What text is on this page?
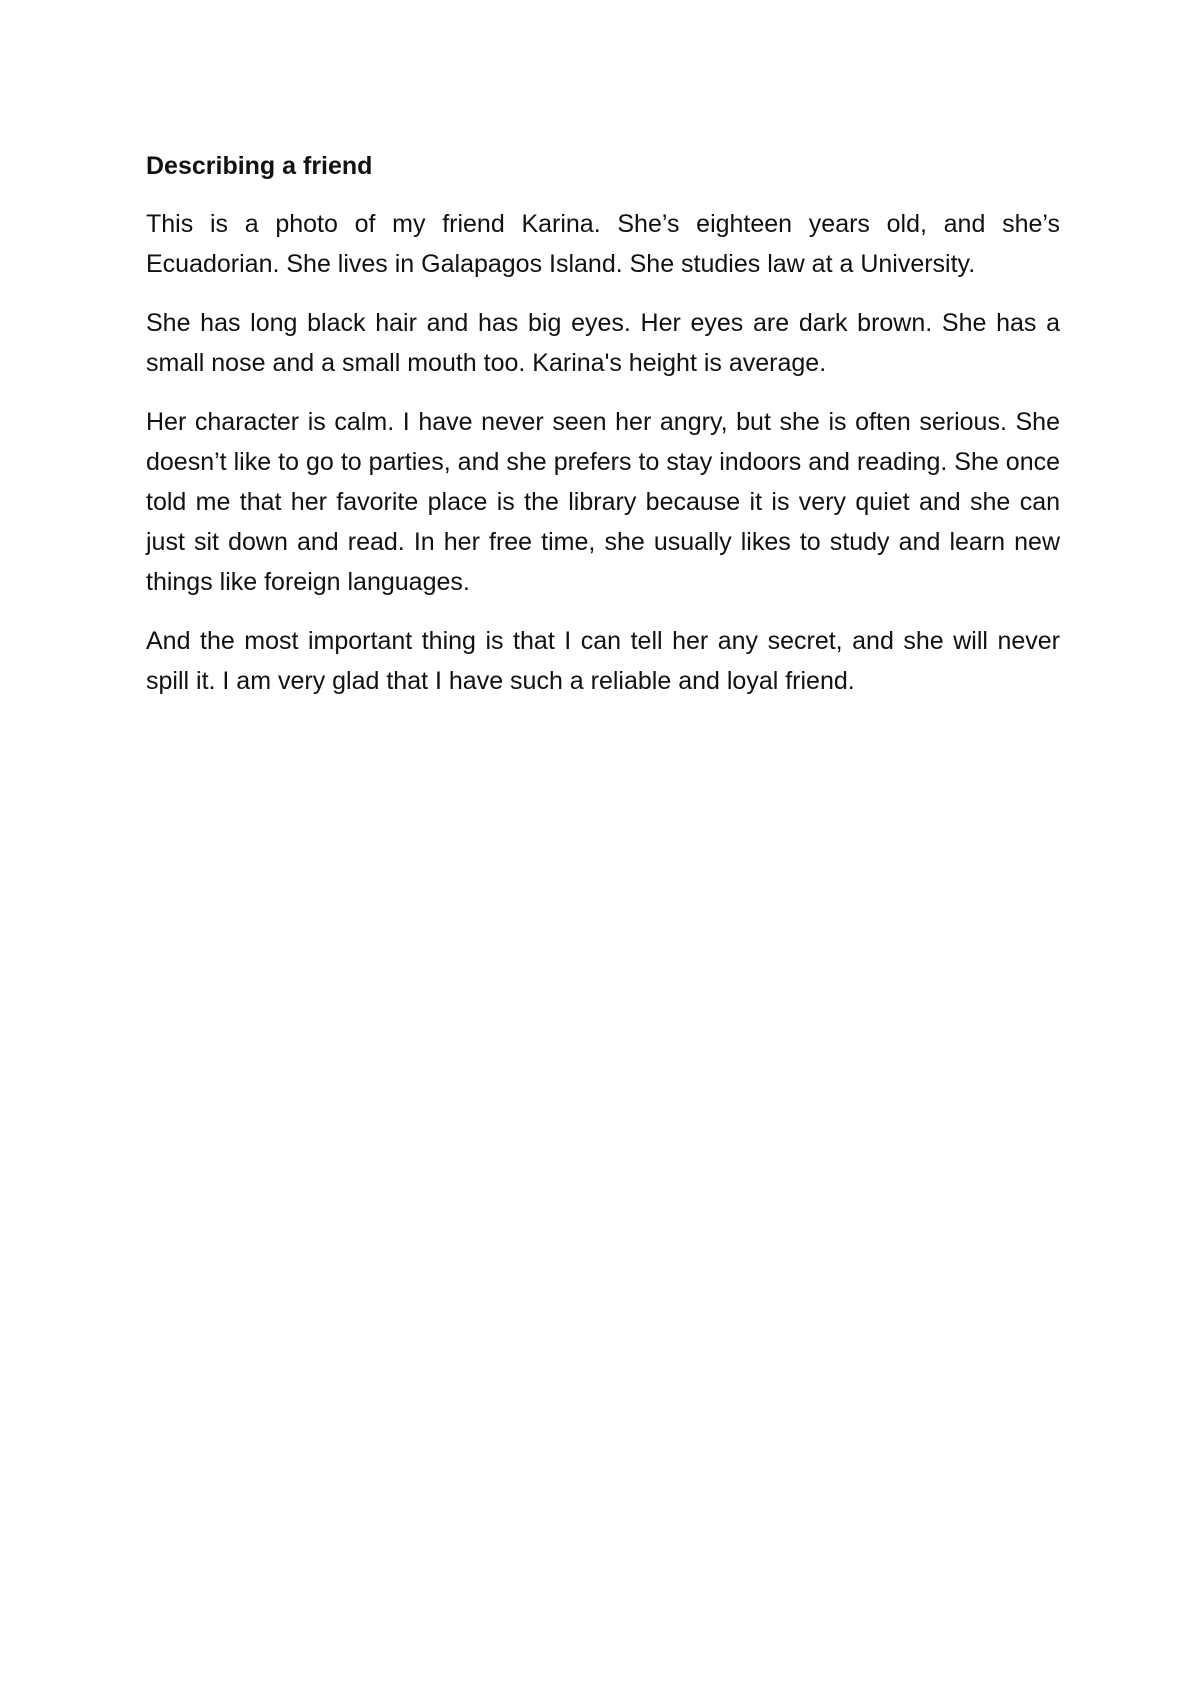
Describing a friend

This is a photo of my friend Karina. She’s eighteen years old, and she’s Ecuadorian. She lives in Galapagos Island. She studies law at a University.

She has long black hair and has big eyes. Her eyes are dark brown. She has a small nose and a small mouth too. Karina's height is average.

Her character is calm. I have never seen her angry, but she is often serious. She doesn’t like to go to parties, and she prefers to stay indoors and reading. She once told me that her favorite place is the library because it is very quiet and she can just sit down and read. In her free time, she usually likes to study and learn new things like foreign languages.

And the most important thing is that I can tell her any secret, and she will never spill it. I am very glad that I have such a reliable and loyal friend.
